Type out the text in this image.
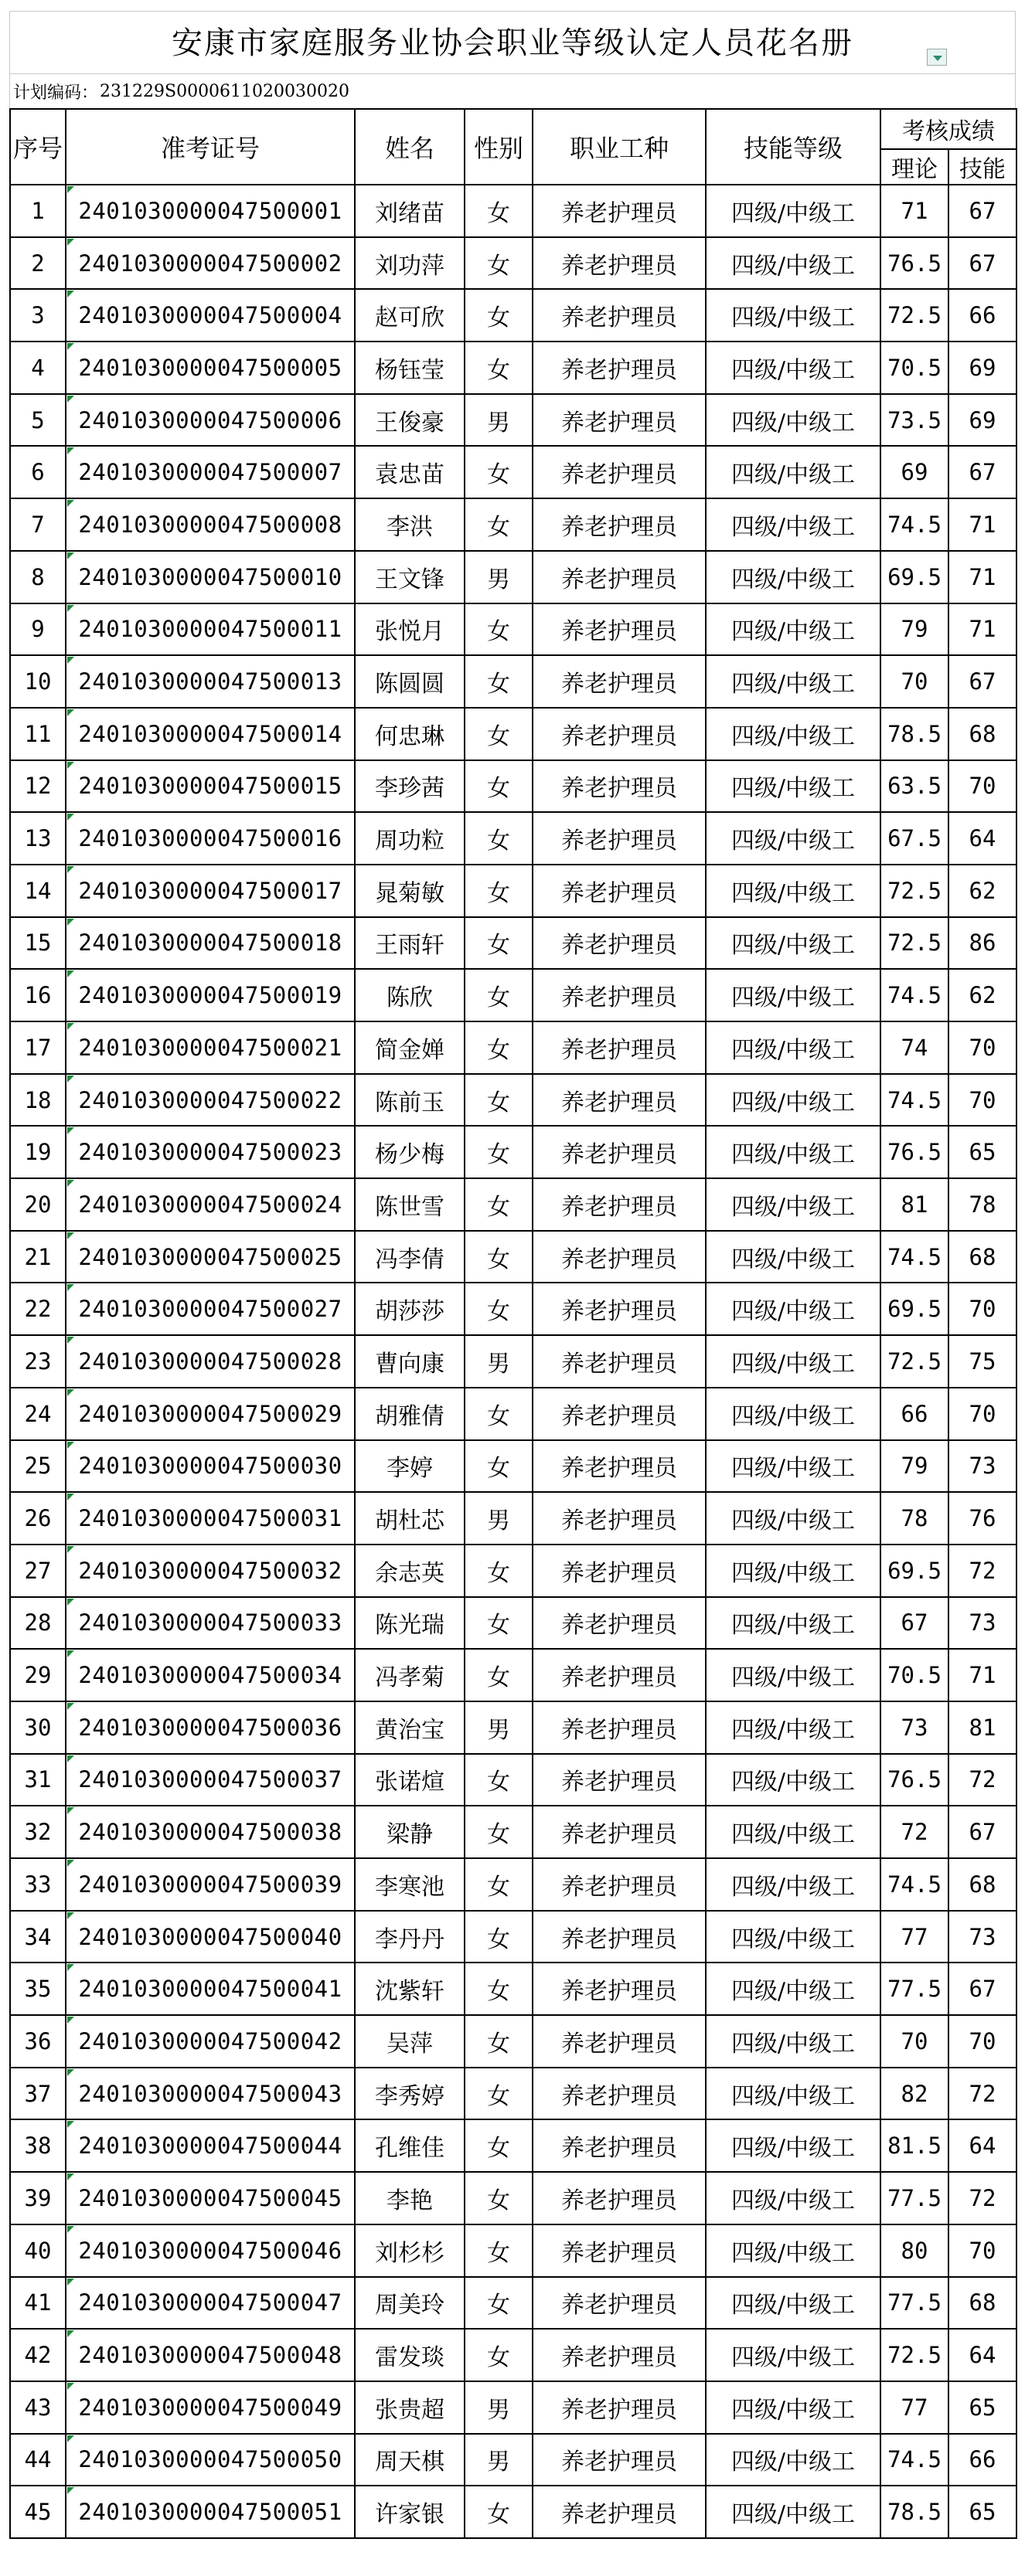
安康市家庭服务业协会职业等级认定人员花名册
计划编码： 231229S0000611020030020
序号	准考证号	姓名	性别	职业工种	技能等级	考核成绩	
						理论	技能
1	2401030000047500001	刘绪苗	女	养老护理员	四级/中级工	71	67
2	2401030000047500002	刘功萍	女	养老护理员	四级/中级工	76.5	67
3	2401030000047500004	赵可欣	女	养老护理员	四级/中级工	72.5	66
4	2401030000047500005	杨钰莹	女	养老护理员	四级/中级工	70.5	69
5	2401030000047500006	王俊豪	男	养老护理员	四级/中级工	73.5	69
6	2401030000047500007	袁忠苗	女	养老护理员	四级/中级工	69	67
7	2401030000047500008	李洪	女	养老护理员	四级/中级工	74.5	71
8	2401030000047500010	王文锋	男	养老护理员	四级/中级工	69.5	71
9	2401030000047500011	张悦月	女	养老护理员	四级/中级工	79	71
10	2401030000047500013	陈圆圆	女	养老护理员	四级/中级工	70	67
11	2401030000047500014	何忠琳	女	养老护理员	四级/中级工	78.5	68
12	2401030000047500015	李珍茜	女	养老护理员	四级/中级工	63.5	70
13	2401030000047500016	周功粒	女	养老护理员	四级/中级工	67.5	64
14	2401030000047500017	晁菊敏	女	养老护理员	四级/中级工	72.5	62
15	2401030000047500018	王雨轩	女	养老护理员	四级/中级工	72.5	86
16	2401030000047500019	陈欣	女	养老护理员	四级/中级工	74.5	62
17	2401030000047500021	简金婵	女	养老护理员	四级/中级工	74	70
18	2401030000047500022	陈前玉	女	养老护理员	四级/中级工	74.5	70
19	2401030000047500023	杨少梅	女	养老护理员	四级/中级工	76.5	65
20	2401030000047500024	陈世雪	女	养老护理员	四级/中级工	81	78
21	2401030000047500025	冯李倩	女	养老护理员	四级/中级工	74.5	68
22	2401030000047500027	胡莎莎	女	养老护理员	四级/中级工	69.5	70
23	2401030000047500028	曹向康	男	养老护理员	四级/中级工	72.5	75
24	2401030000047500029	胡雅倩	女	养老护理员	四级/中级工	66	70
25	2401030000047500030	李婷	女	养老护理员	四级/中级工	79	73
26	2401030000047500031	胡杜芯	男	养老护理员	四级/中级工	78	76
27	2401030000047500032	余志英	女	养老护理员	四级/中级工	69.5	72
28	2401030000047500033	陈光瑞	女	养老护理员	四级/中级工	67	73
29	2401030000047500034	冯孝菊	女	养老护理员	四级/中级工	70.5	71
30	2401030000047500036	黄治宝	男	养老护理员	四级/中级工	73	81
31	2401030000047500037	张诺煊	女	养老护理员	四级/中级工	76.5	72
32	2401030000047500038	梁静	女	养老护理员	四级/中级工	72	67
33	2401030000047500039	李寒池	女	养老护理员	四级/中级工	74.5	68
34	2401030000047500040	李丹丹	女	养老护理员	四级/中级工	77	73
35	2401030000047500041	沈紫轩	女	养老护理员	四级/中级工	77.5	67
36	2401030000047500042	吴萍	女	养老护理员	四级/中级工	70	70
37	2401030000047500043	李秀婷	女	养老护理员	四级/中级工	82	72
38	2401030000047500044	孔维佳	女	养老护理员	四级/中级工	81.5	64
39	2401030000047500045	李艳	女	养老护理员	四级/中级工	77.5	72
40	2401030000047500046	刘杉杉	女	养老护理员	四级/中级工	80	70
41	2401030000047500047	周美玲	女	养老护理员	四级/中级工	77.5	68
42	2401030000047500048	雷发琰	女	养老护理员	四级/中级工	72.5	64
43	2401030000047500049	张贵超	男	养老护理员	四级/中级工	77	65
44	2401030000047500050	周天棋	男	养老护理员	四级/中级工	74.5	66
45	2401030000047500051	许家银	女	养老护理员	四级/中级工	78.5	65
